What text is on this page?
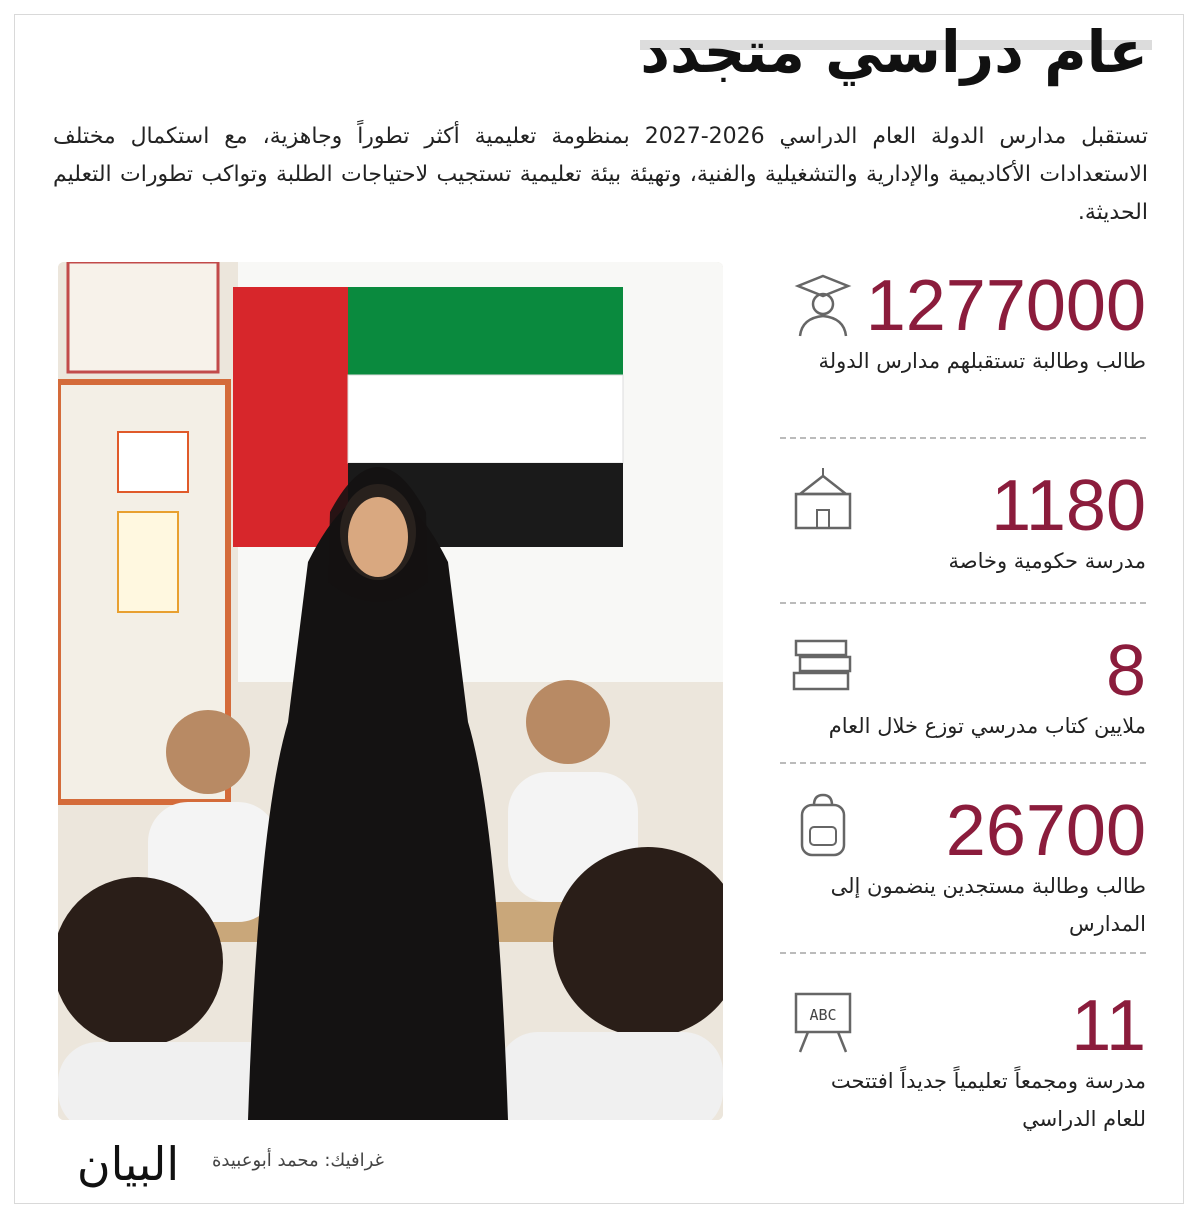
عام دراسي متجدد
تستقبل مدارس الدولة العام الدراسي 2026-2027 بمنظومة تعليمية أكثر تطوراً وجاهزية، مع استكمال مختلف الاستعدادات الأكاديمية والإدارية والتشغيلية والفنية، وتهيئة بيئة تعليمية تستجيب لاحتياجات الطلبة وتواكب تطورات التعليم الحديثة.
1277000
طالب وطالبة تستقبلهم مدارس الدولة
1180
مدرسة حكومية وخاصة
8
ملايين كتاب مدرسي توزع خلال العام
26700
طالب وطالبة مستجدين ينضمون إلى المدارس
11
ABC
مدرسة ومجمعاً تعليمياً جديداً افتتحت للعام الدراسي
غرافيك: محمد أبوعبيدة
البيان
